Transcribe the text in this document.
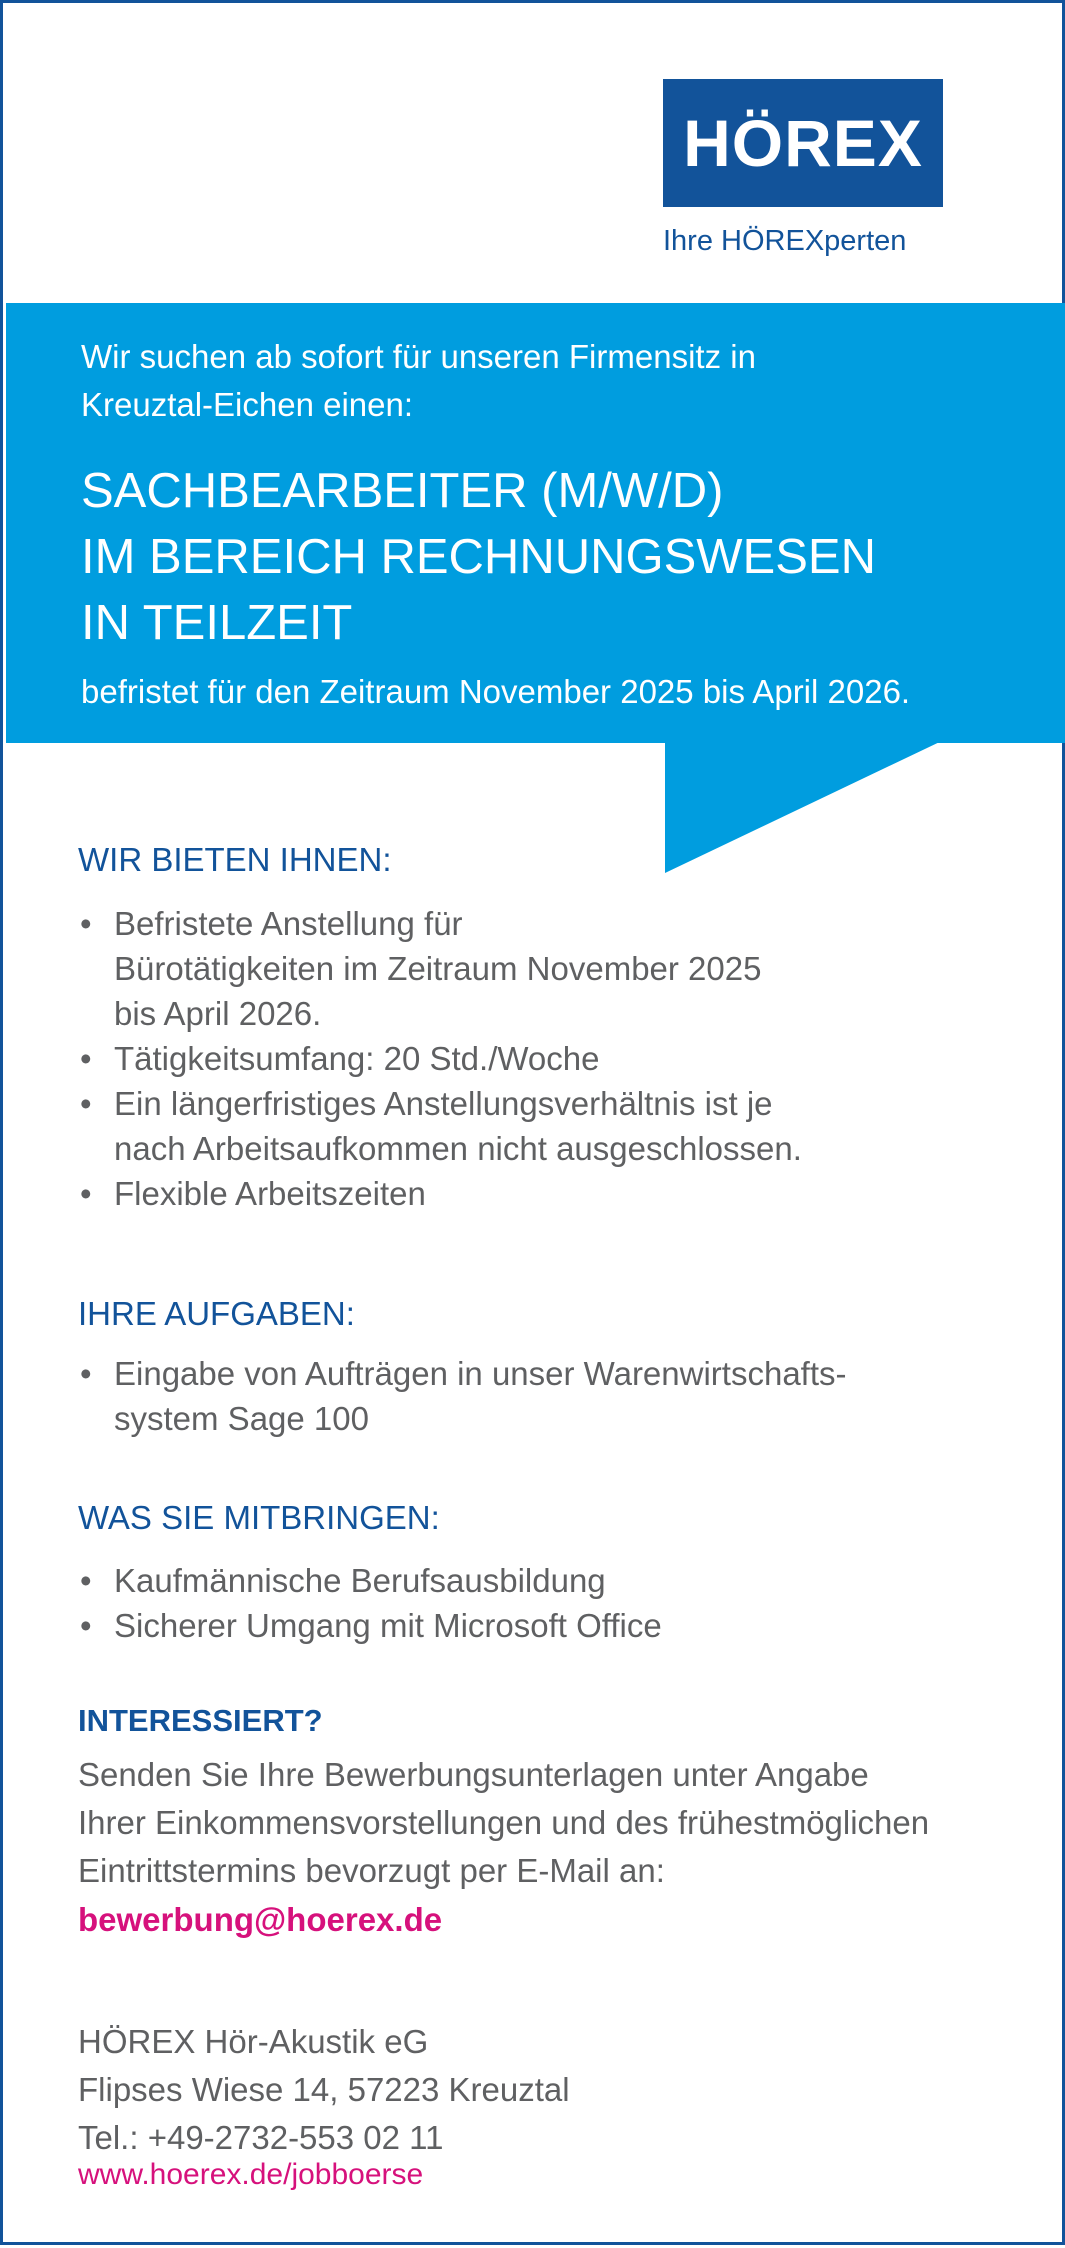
HÖREX
Ihre HÖREXperten
Wir suchen ab sofort für unseren Firmensitz in
Kreuztal-Eichen einen:
SACHBEARBEITER (M/W/D)
IM BEREICH RECHNUNGSWESEN
IN TEILZEIT
befristet für den Zeitraum November 2025 bis April 2026.
WIR BIETEN IHNEN:
• Befristete Anstellung für
Bürotätigkeiten im Zeitraum November 2025
bis April 2026.
• Tätigkeitsumfang: 20 Std./Woche
• Ein längerfristiges Anstellungsverhältnis ist je
nach Arbeitsaufkommen nicht ausgeschlossen.
• Flexible Arbeitszeiten
IHRE AUFGABEN:
• Eingabe von Aufträgen in unser Warenwirtschafts-
system Sage 100
WAS SIE MITBRINGEN:
• Kaufmännische Berufsausbildung
• Sicherer Umgang mit Microsoft Office
INTERESSIERT?
Senden Sie Ihre Bewerbungsunterlagen unter Angabe
Ihrer Einkommensvorstellungen und des frühestmöglichen
Eintrittstermins bevorzugt per E-Mail an:
bewerbung@hoerex.de
HÖREX Hör-Akustik eG
Flipses Wiese 14, 57223 Kreuztal
Tel.: +49-2732-553 02 11
www.hoerex.de/jobboerse
